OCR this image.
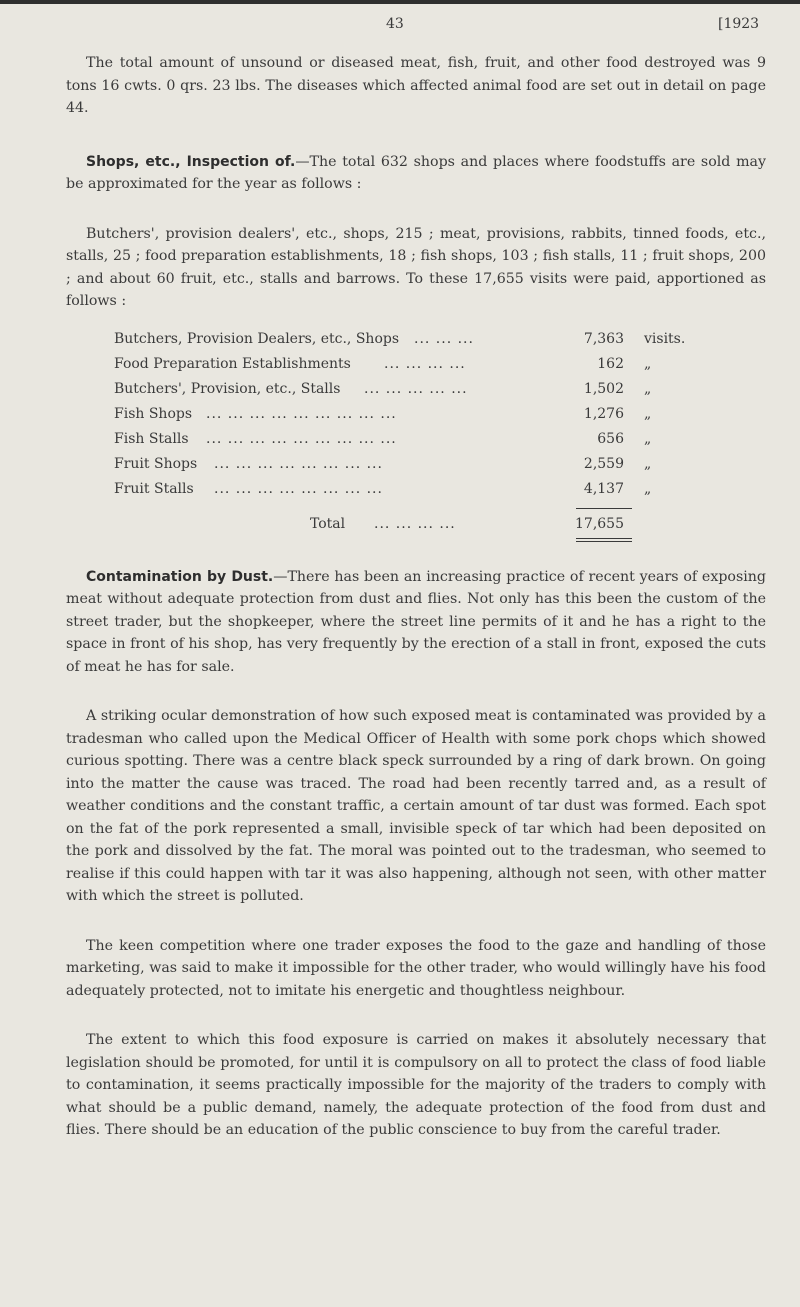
43	[1923

The total amount of unsound or diseased meat, fish, fruit, and other food destroyed was 9 tons 16 cwts. 0 qrs. 23 lbs. The diseases which affected animal food are set out in detail on page 44.

Shops, etc., Inspection of.—The total 632 shops and places where foodstuffs are sold may be approximated for the year as follows :

Butchers', provision dealers', etc., shops, 215 ; meat, provisions, rabbits, tinned foods, etc., stalls, 25 ; food preparation establishments, 18 ; fish shops, 103 ; fish stalls, 11 ; fruit shops, 200 ; and about 60 fruit, etc., stalls and barrows. To these 17,655 visits were paid, apportioned as follows :

Butchers, Provision Dealers, etc., Shops ... ... ...	7,363 visits.
Food Preparation Establishments ... ... ... ...	162 „
Butchers', Provision, etc., Stalls ... ... ... ... ...	1,502 „
Fish Shops ... ... ... ... ... ... ... ... ...	1,276 „
Fish Stalls ... ... ... ... ... ... ... ... ...	656 „
Fruit Shops ... ... ... ... ... ... ... ...	2,559 „
Fruit Stalls ... ... ... ... ... ... ... ...	4,137 „
Total ... ... ... ...	17,655

Contamination by Dust.—There has been an increasing practice of recent years of exposing meat without adequate protection from dust and flies. Not only has this been the custom of the street trader, but the shopkeeper, where the street line permits of it and he has a right to the space in front of his shop, has very frequently by the erection of a stall in front, exposed the cuts of meat he has for sale.

A striking ocular demonstration of how such exposed meat is contaminated was provided by a tradesman who called upon the Medical Officer of Health with some pork chops which showed curious spotting. There was a centre black speck surrounded by a ring of dark brown. On going into the matter the cause was traced. The road had been recently tarred and, as a result of weather conditions and the constant traffic, a certain amount of tar dust was formed. Each spot on the fat of the pork represented a small, invisible speck of tar which had been deposited on the pork and dissolved by the fat. The moral was pointed out to the tradesman, who seemed to realise if this could happen with tar it was also happening, although not seen, with other matter with which the street is polluted.

The keen competition where one trader exposes the food to the gaze and handling of those marketing, was said to make it impossible for the other trader, who would willingly have his food adequately protected, not to imitate his energetic and thoughtless neighbour.

The extent to which this food exposure is carried on makes it absolutely necessary that legislation should be promoted, for until it is compulsory on all to protect the class of food liable to contamination, it seems practically impossible for the majority of the traders to comply with what should be a public demand, namely, the adequate protection of the food from dust and flies. There should be an education of the public conscience to buy from the careful trader.
